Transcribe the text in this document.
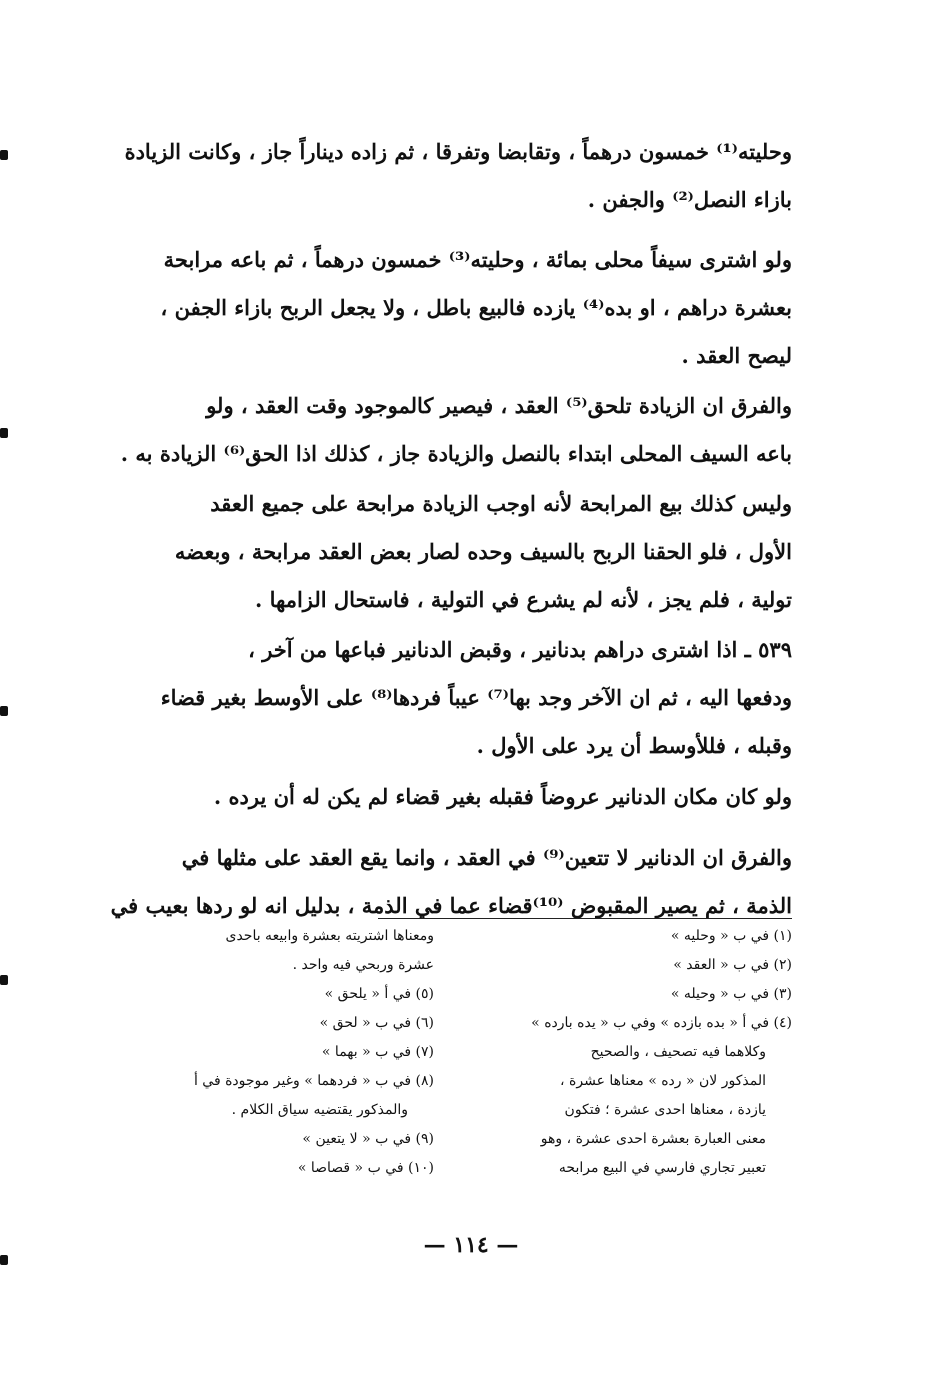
وحليته⁽¹⁾ خمسون درهماً ، وتقابضا وتفرقا ، ثم زاده ديناراً جاز ، وكانت الزيادة
بازاء النصل⁽²⁾ والجفن .
ولو اشترى سيفاً محلى بمائة ، وحليته⁽³⁾ خمسون درهماً ، ثم باعه مرابحة
بعشرة دراهم ، او بده⁽⁴⁾ يازده فالبيع باطل ، ولا يجعل الربح بازاء الجفن ،
ليصح العقد .
والفرق ان الزيادة تلحق⁽⁵⁾ العقد ، فيصير كالموجود وقت العقد ، ولو
باعه السيف المحلى ابتداء بالنصل والزيادة جاز ، كذلك اذا الحق⁽⁶⁾ الزيادة به .
وليس كذلك بيع المرابحة لأنه اوجب الزيادة مرابحة على جميع العقد
الأول ، فلو الحقنا الربح بالسيف وحده لصار بعض العقد مرابحة ، وبعضه
تولية ، فلم يجز ، لأنه لم يشرع في التولية ، فاستحال الزامها .
٥٣٩ ـ اذا اشترى دراهم بدنانير ، وقبض الدنانير فباعها من آخر ،
ودفعها اليه ، ثم ان الآخر وجد بها⁽⁷⁾ عيباً فردها⁽⁸⁾ على الأوسط بغير قضاء
وقبله ، فللأوسط أن يرد على الأول .
ولو كان مكان الدنانير عروضاً فقبله بغير قضاء لم يكن له أن يرده .
والفرق ان الدنانير لا تتعين⁽⁹⁾ في العقد ، وانما يقع العقد على مثلها في
الذمة ، ثم يصير المقبوض ⁽¹⁰⁾قضاء عما في الذمة ، بدليل انه لو ردها بعيب في
(١) في ب « وحليه »
(٢) في ب « العقد »
(٣) في ب « وحيله »
(٤) في أ « بده بازده » وفي ب « يده بارده »
وكلاهما فيه تصحيف ، والصحيح
المذكور لان « رده » معناها عشرة ،
يازدة ، معناها احدى عشرة ؛ فتكون
معنى العبارة بعشرة احدى عشرة ، وهو
تعبير تجاري فارسي في البيع مرابحه
ومعناها اشتريته بعشرة وابيعه باحدى
عشرة وربحي فيه واحد .
(٥) في أ « يلحق »
(٦) في ب « لحق »
(٧) في ب « بهما »
(٨) في ب « فردهما » وغير موجودة في أ
والمذكور يقتضيه سياق الكلام .
(٩) في ب « لا يتعين »
(١٠) في ب « قصاصا »
— ١١٤ —
